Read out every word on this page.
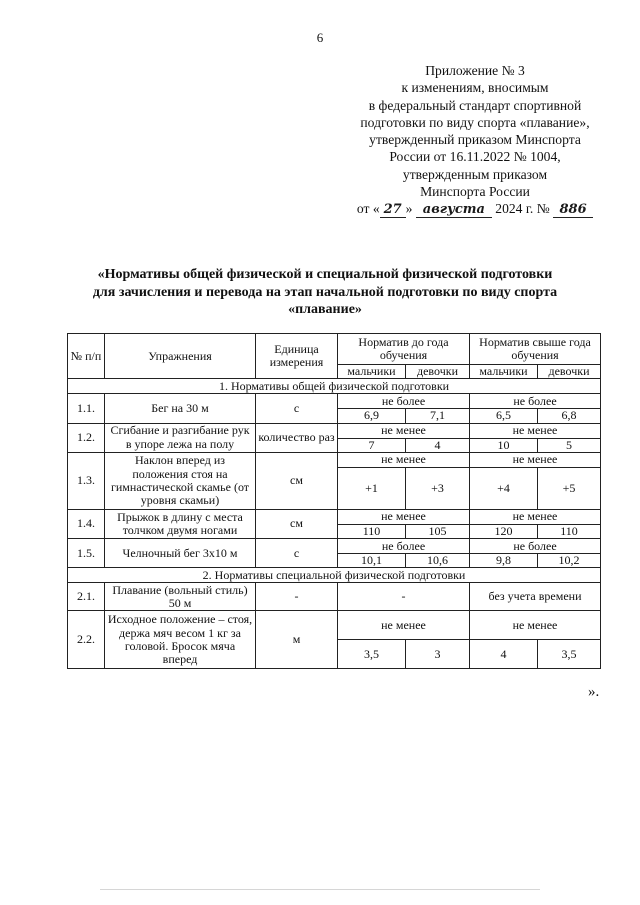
6
Приложение № 3
к изменениям, вносимым
в федеральный стандарт спортивной
подготовки по виду спорта «плавание»,
утвержденный приказом Минспорта
России от 16.11.2022 № 1004,
утвержденным приказом
Минспорта России
от « 27 » августа 2024 г. № 886
«Нормативы общей физической и специальной физической подготовки
для зачисления и перевода на этап начальной подготовки по виду спорта
«плавание»
№ п/п	Упражнения	Единица измерения	Норматив до года обучения		Норматив свыше года обучения	
			мальчики	девочки	мальчики	девочки
1. Нормативы общей физической подготовки						
1.1.	Бег на 30 м	с	не более		не более	
			6,9	7,1	6,5	6,8
1.2.	Сгибание и разгибание рук в упоре лежа на полу	количество раз	не менее		не менее	
			7	4	10	5
1.3.	Наклон вперед из положения стоя на гимнастической скамье (от уровня скамьи)	см	не менее		не менее	
			+1	+3	+4	+5
1.4.	Прыжок в длину с места толчком двумя ногами	см	не менее		не менее	
			110	105	120	110
1.5.	Челночный бег 3х10 м	с	не более		не более	
			10,1	10,6	9,8	10,2
2. Нормативы специальной физической подготовки						
2.1.	Плавание (вольный стиль) 50 м	-	-		без учета времени	
2.2.	Исходное положение – стоя, держа мяч весом 1 кг за головой. Бросок мяча вперед	м	не менее		не менее	
			3,5	3	4	3,5
».
